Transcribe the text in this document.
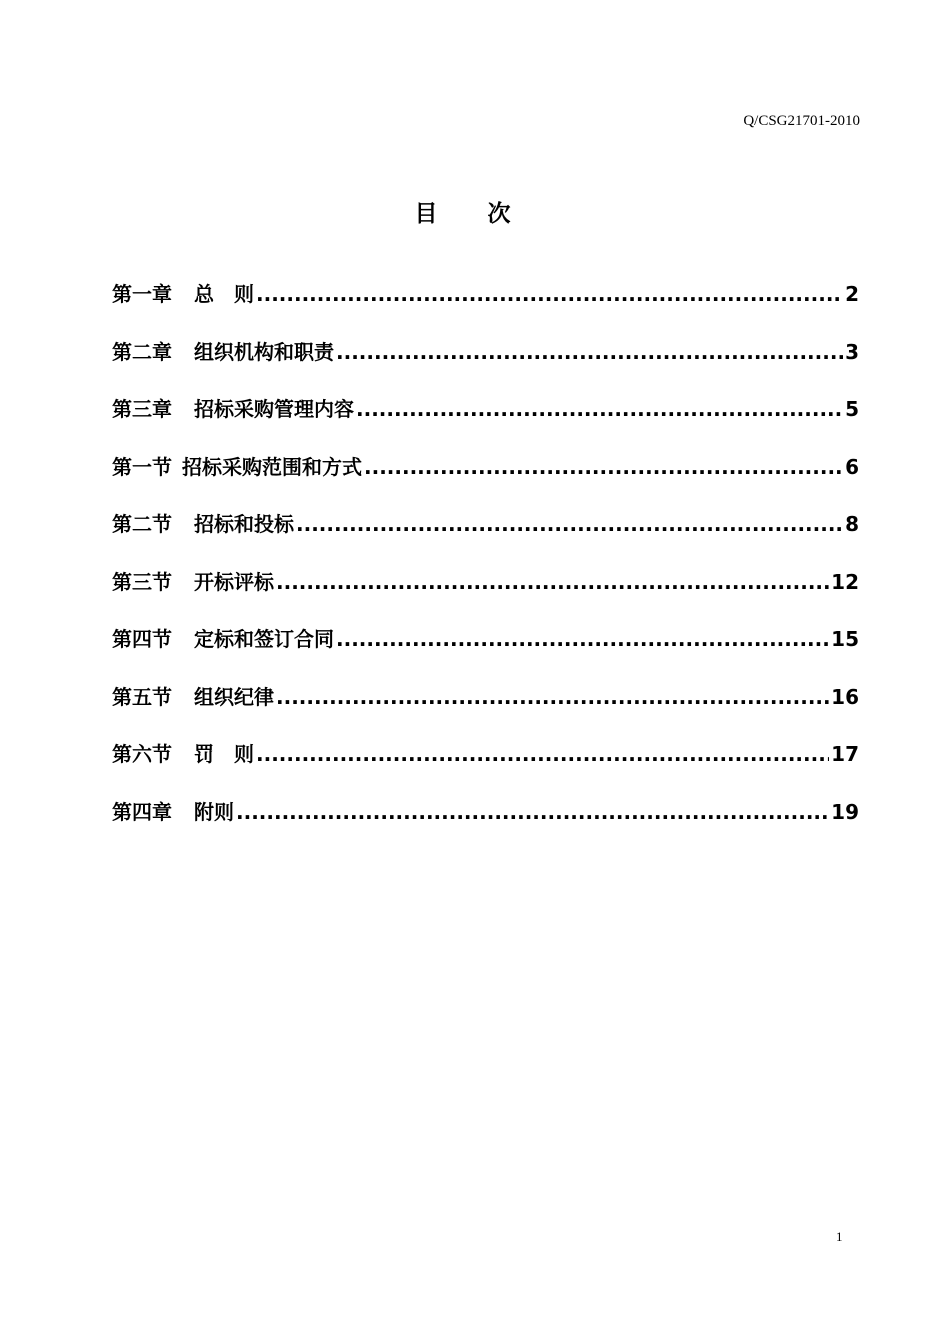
Q/CSG21701-2010
目次
第一章 总　则 .....	2
第二章 组织机构和职责 .....	3
第三章 招标采购管理内容 .....	5
第一节 招标采购范围和方式 .....	6
第二节 招标和投标 .....	8
第三节 开标评标 .....	12
第四节 定标和签订合同 .....	15
第五节 组织纪律 .....	16
第六节 罚　则 .....	17
第四章 附则 .....	19
1
